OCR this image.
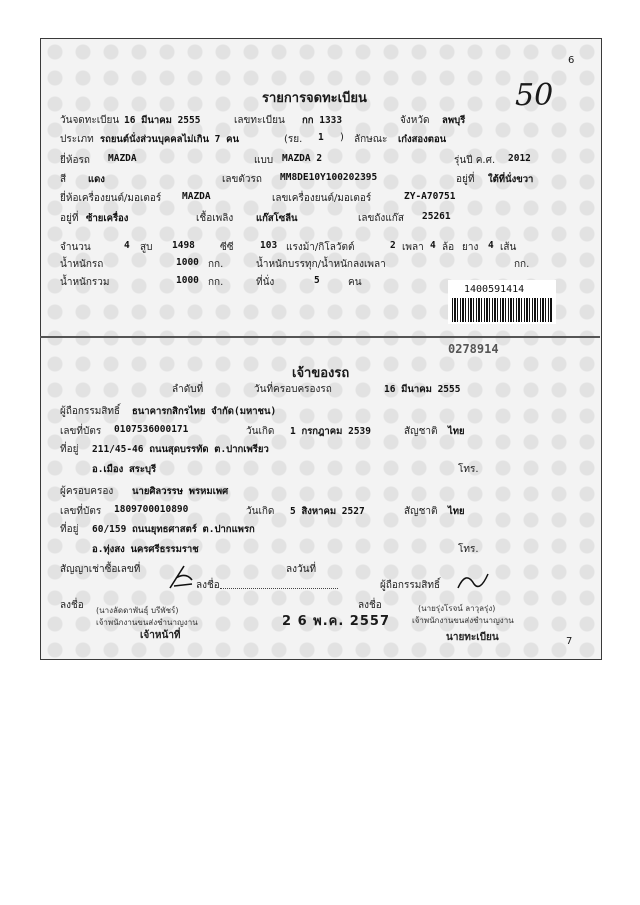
6
50
รายการจดทะเบียน
วันจดทะเบียน 16 มีนาคม 2555	เลขทะเบียน กก 1333	จังหวัด ลพบุรี
ประเภท รถยนต์นั่งส่วนบุคคลไม่เกิน 7 คน	(รย. 1 ) ลักษณะ เก๋งสองตอน
ยี่ห้อรถ MAZDA	แบบ MAZDA 2	รุ่นปี ค.ศ. 2012
สี แดง	เลขตัวรถ MM8DE10Y100202395	อยู่ที่ ใต้ที่นั่งขวา
ยี่ห้อเครื่องยนต์/มอเตอร์ MAZDA	เลขเครื่องยนต์/มอเตอร์	ZY-A70751
อยู่ที่ ซ้ายเครื่อง	เชื้อเพลิง แก๊สโซลีน	เลขถังแก๊ส 25261
จำนวน	4 สูบ 1498	ซีซี	103 แรงม้า/กิโลวัตต์	2 เพลา 4 ล้อ ยาง 4 เส้น
น้ำหนักรถ	1000 กก.	น้ำหนักบรรทุก/น้ำหนักลงเพลา	กก.
น้ำหนักรวม	1000 กก.	ที่นั่ง	5	คน
1400591414
0278914
เจ้าของรถ
ลำดับที่	วันที่ครอบครองรถ	16 มีนาคม 2555
ผู้ถือกรรมสิทธิ์ ธนาคารกสิกรไทย จำกัด(มหาชน)
เลขที่บัตร 0107536000171	วันเกิด 1 กรกฎาคม 2539	สัญชาติ ไทย
ที่อยู่ 211/45-46 ถนนสุดบรรทัด ต.ปากเพรียว
อ.เมือง สระบุรี	โทร.
ผู้ครอบครอง นายศิลวรรษ พรหมเพศ
เลขที่บัตร 1809700010890	วันเกิด 5 สิงหาคม 2527	สัญชาติ ไทย
ที่อยู่ 60/159 ถนนยุทธศาสตร์ ต.ปากแพรก
อ.ทุ่งสง นครศรีธรรมราช	โทร.
สัญญาเช่าซื้อเลขที่	ลงวันที่
ลงชื่อ	ผู้ถือกรรมสิทธิ์
ลงชื่อ (นางลัดดาพันธุ์ บรีพัชร์)
เจ้าพนักงานขนส่งชำนาญงาน
เจ้าหน้าที่
2 6 พ.ค. 2557
ลงชื่อ	(นายรุ่งโรจน์ ลาวุลรุ่ง)
เจ้าพนักงานขนส่งชำนาญงาน
นายทะเบียน	7
